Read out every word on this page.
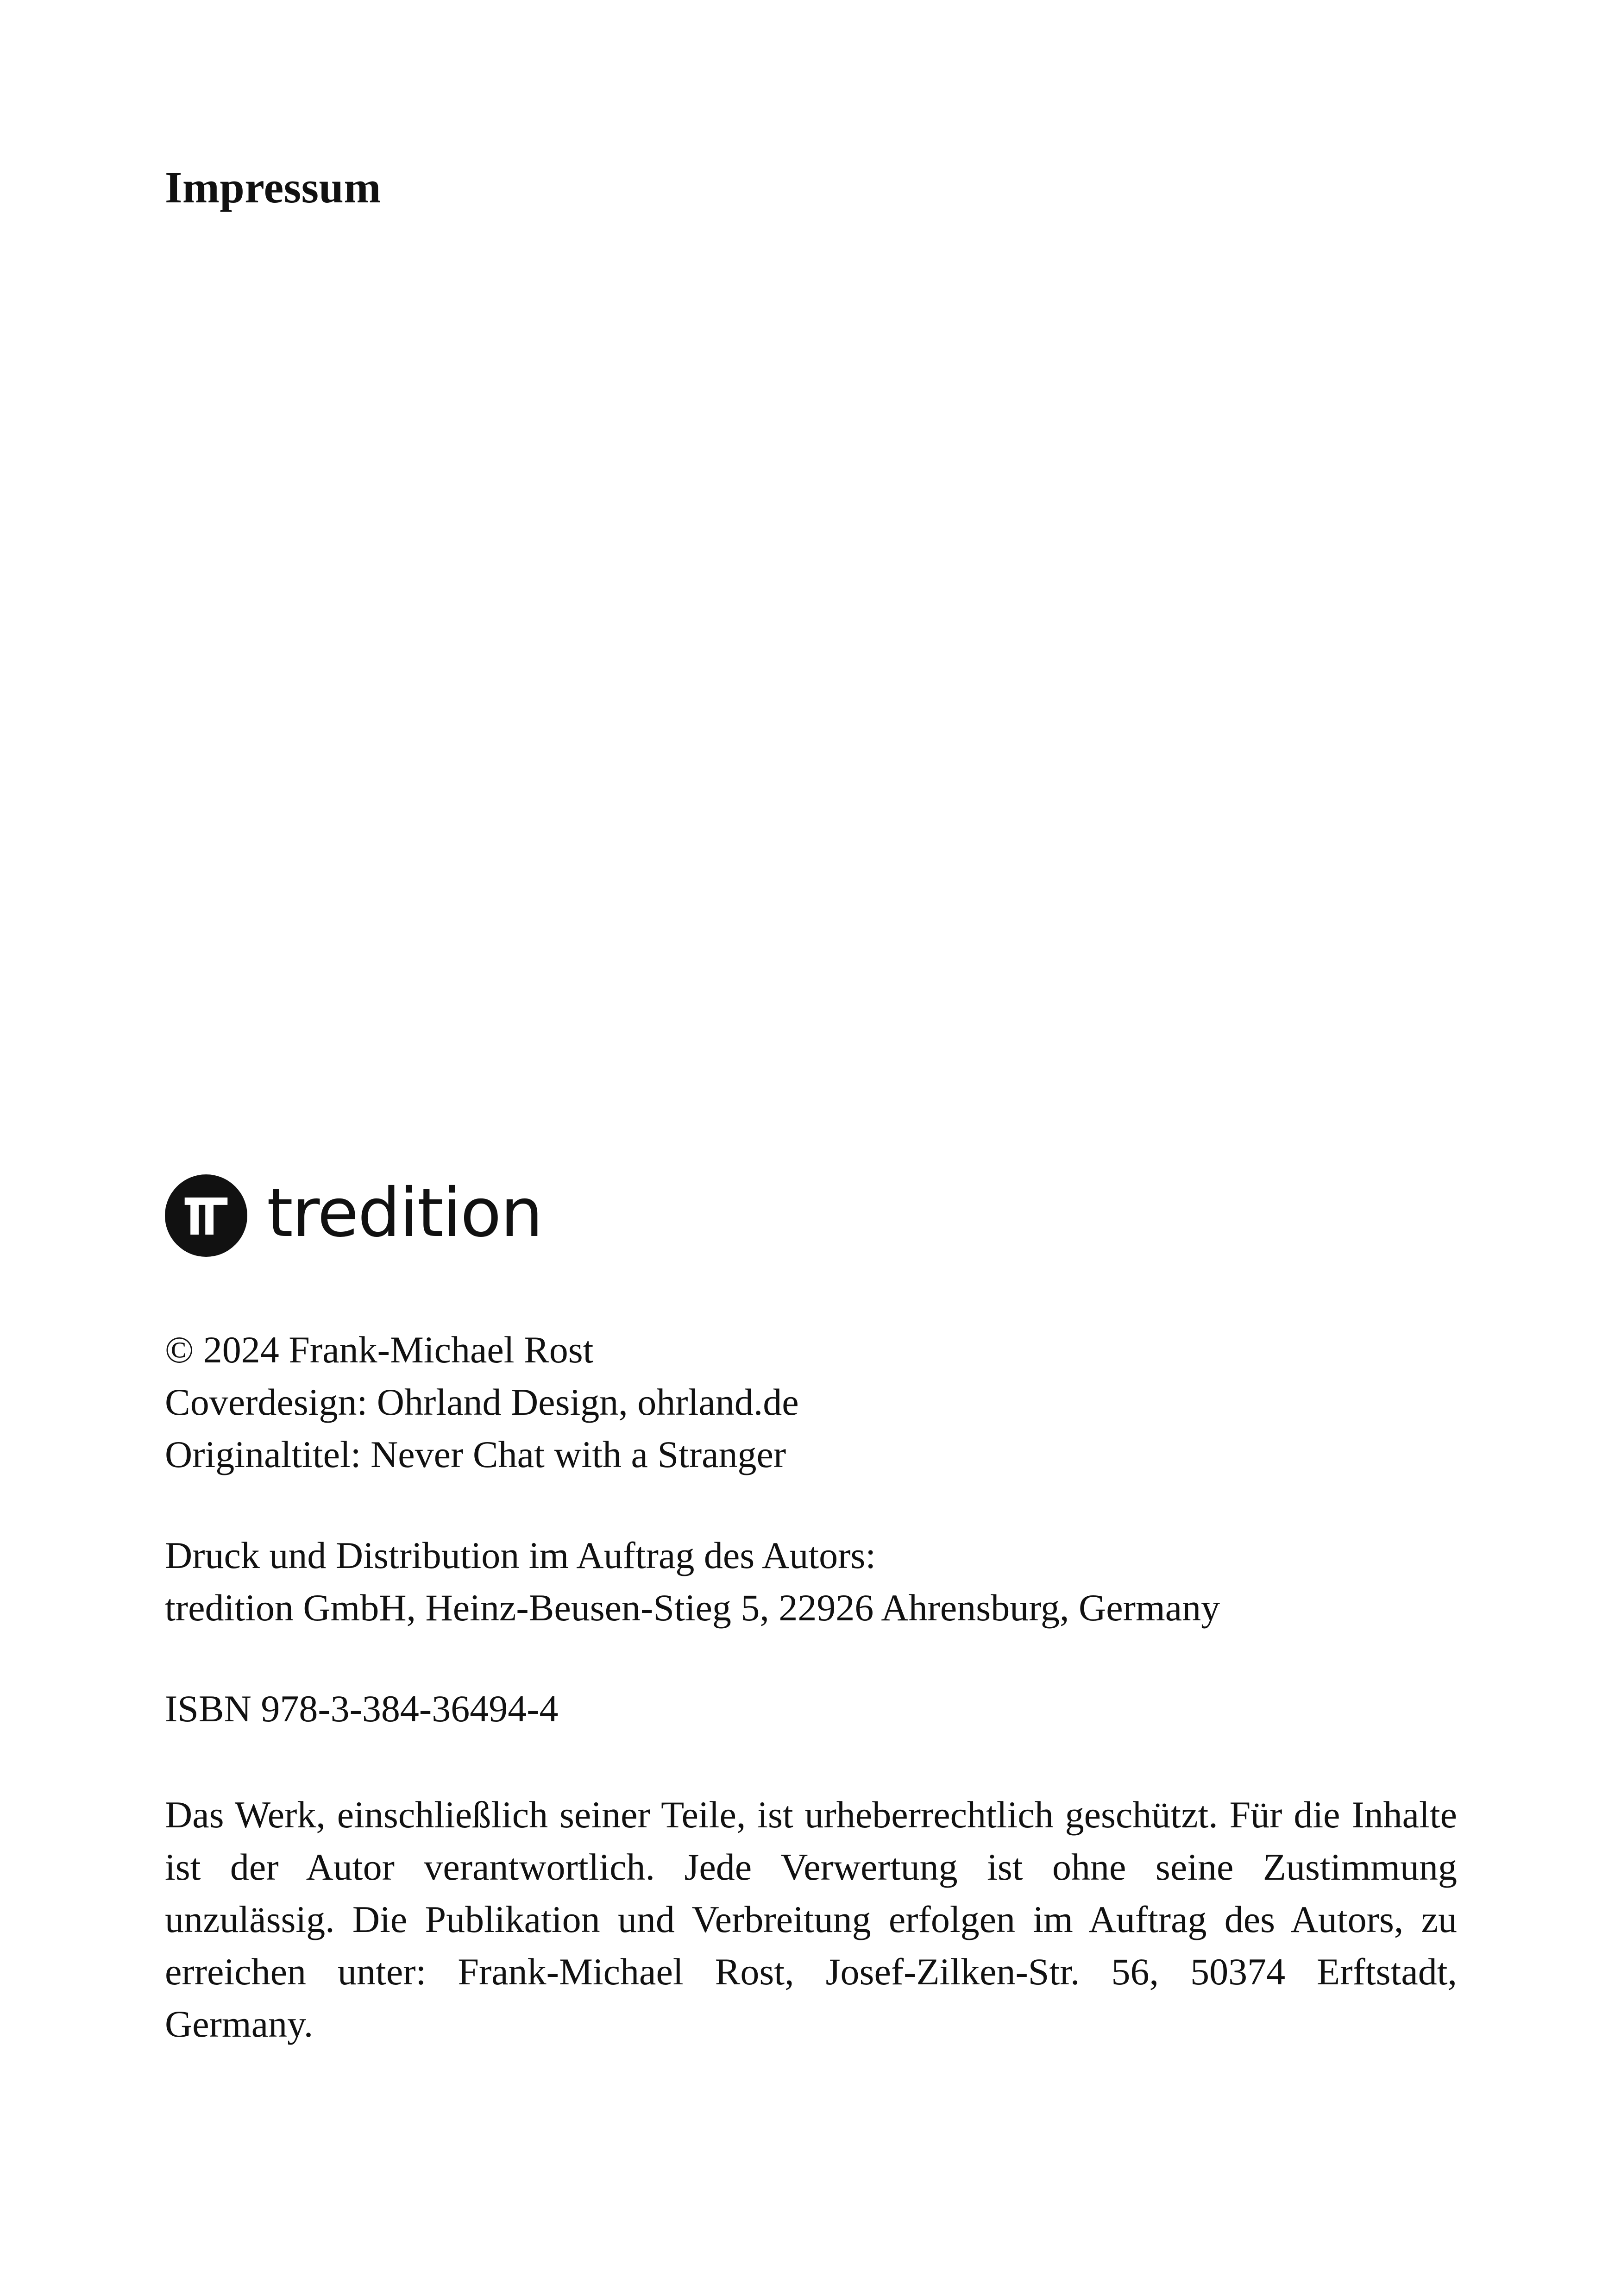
Impressum
tredition

© 2024 Frank-Michael Rost
Coverdesign: Ohrland Design, ohrland.de
Originaltitel: Never Chat with a Stranger

Druck und Distribution im Auftrag des Autors:
tredition GmbH, Heinz-Beusen-Stieg 5, 22926 Ahrensburg, Germany

ISBN 978-3-384-36494-4

Das Werk, einschließlich seiner Teile, ist urheberrechtlich geschützt. Für die Inhalte ist der Autor verantwortlich. Jede Verwertung ist ohne seine Zustimmung unzulässig. Die Publikation und Verbreitung erfolgen im Auftrag des Autors, zu erreichen unter: Frank-Michael Rost, Josef-Zilken-Str. 56, 50374 Erftstadt, Germany.
